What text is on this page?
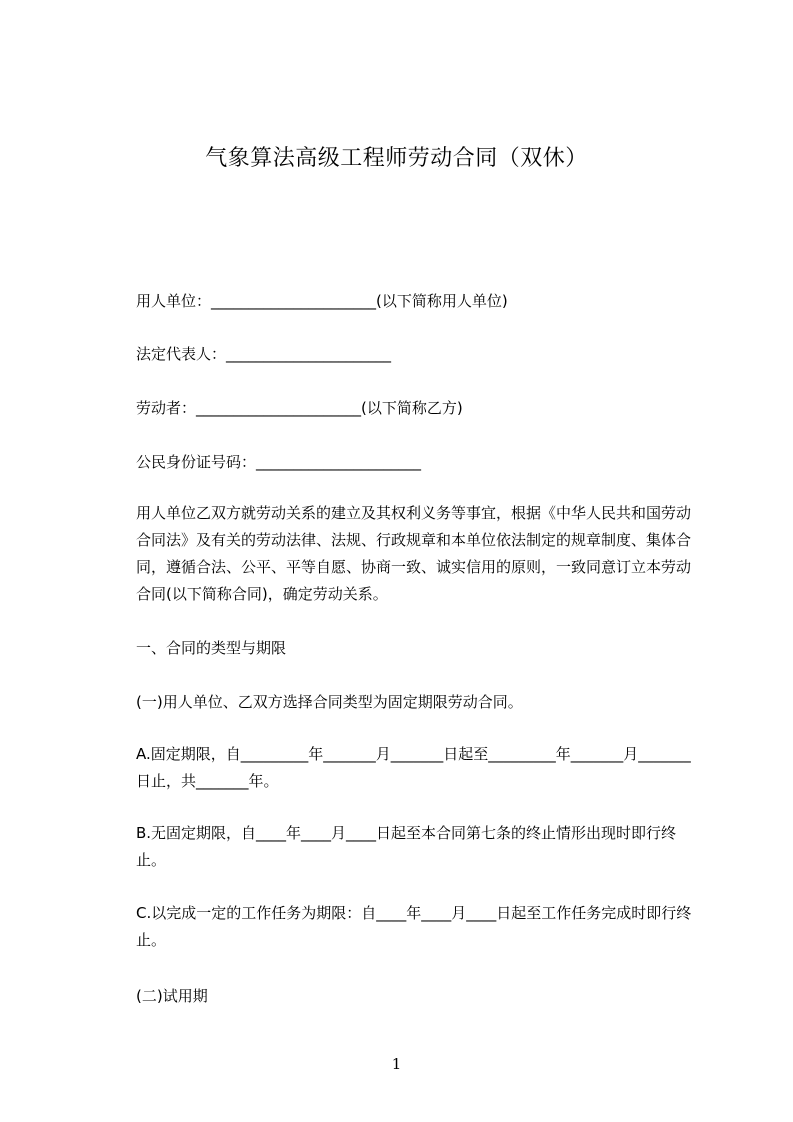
气象算法高级工程师劳动合同（双休）
用人单位：______________________(以下简称用人单位)
法定代表人：______________________
劳动者：______________________(以下简称乙方)
公民身份证号码：______________________
用人单位乙双方就劳动关系的建立及其权利义务等事宜，根据《中华人民共和国劳动合同法》及有关的劳动法律、法规、行政规章和本单位依法制定的规章制度、集体合同，遵循合法、公平、平等自愿、协商一致、诚实信用的原则，一致同意订立本劳动合同(以下简称合同)，确定劳动关系。
一、合同的类型与期限
(一)用人单位、乙双方选择合同类型为固定期限劳动合同。
A.固定期限，自_________年_______月_______日起至_________年_______月_______日止，共_______年。
B.无固定期限，自____年____月____日起至本合同第七条的终止情形出现时即行终止。
C.以完成一定的工作任务为期限：自____年____月____日起至工作任务完成时即行终止。
(二)试用期
1
